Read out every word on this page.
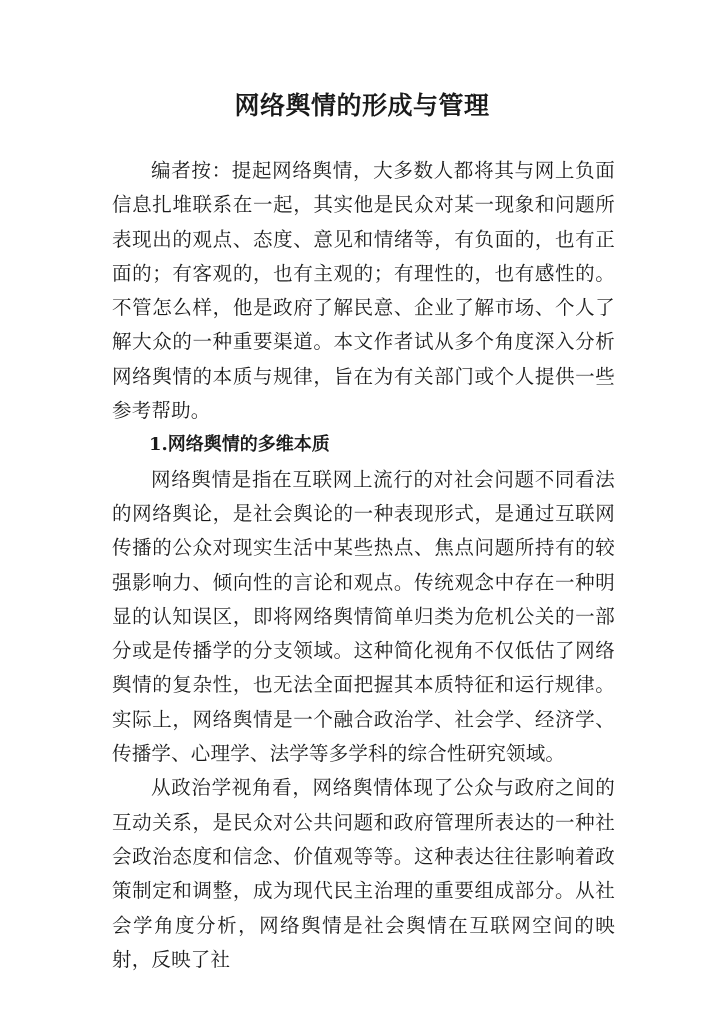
网络舆情的形成与管理

编者按：提起网络舆情，大多数人都将其与网上负面信息扎堆联系在一起，其实他是民众对某一现象和问题所表现出的观点、态度、意见和情绪等，有负面的，也有正面的；有客观的，也有主观的；有理性的，也有感性的。不管怎么样，他是政府了解民意、企业了解市场、个人了解大众的一种重要渠道。本文作者试从多个角度深入分析网络舆情的本质与规律，旨在为有关部门或个人提供一些参考帮助。

1.网络舆情的多维本质

网络舆情是指在互联网上流行的对社会问题不同看法的网络舆论，是社会舆论的一种表现形式，是通过互联网传播的公众对现实生活中某些热点、焦点问题所持有的较强影响力、倾向性的言论和观点。传统观念中存在一种明显的认知误区，即将网络舆情简单归类为危机公关的一部分或是传播学的分支领域。这种简化视角不仅低估了网络舆情的复杂性，也无法全面把握其本质特征和运行规律。实际上，网络舆情是一个融合政治学、社会学、经济学、传播学、心理学、法学等多学科的综合性研究领域。

从政治学视角看，网络舆情体现了公众与政府之间的互动关系，是民众对公共问题和政府管理所表达的一种社会政治态度和信念、价值观等等。这种表达往往影响着政策制定和调整，成为现代民主治理的重要组成部分。从社会学角度分析，网络舆情是社会舆情在互联网空间的映射，反映了社
